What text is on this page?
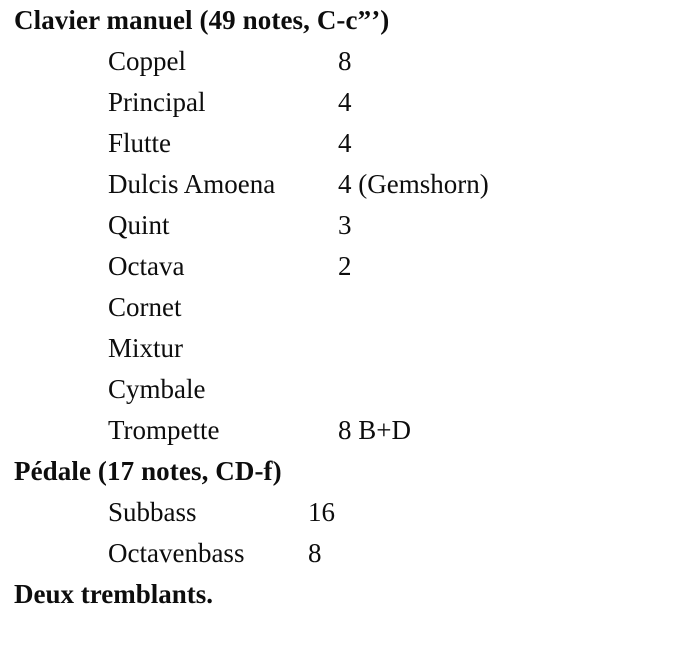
Clavier manuel (49 notes, C-c”’)
Coppel	8
Principal	4
Flutte	4
Dulcis Amoena	4 (Gemshorn)
Quint	3
Octava	2
Cornet
Mixtur
Cymbale
Trompette	8 B+D
Pédale (17 notes, CD-f)
Subbass	16
Octavenbass	8
Deux tremblants.
